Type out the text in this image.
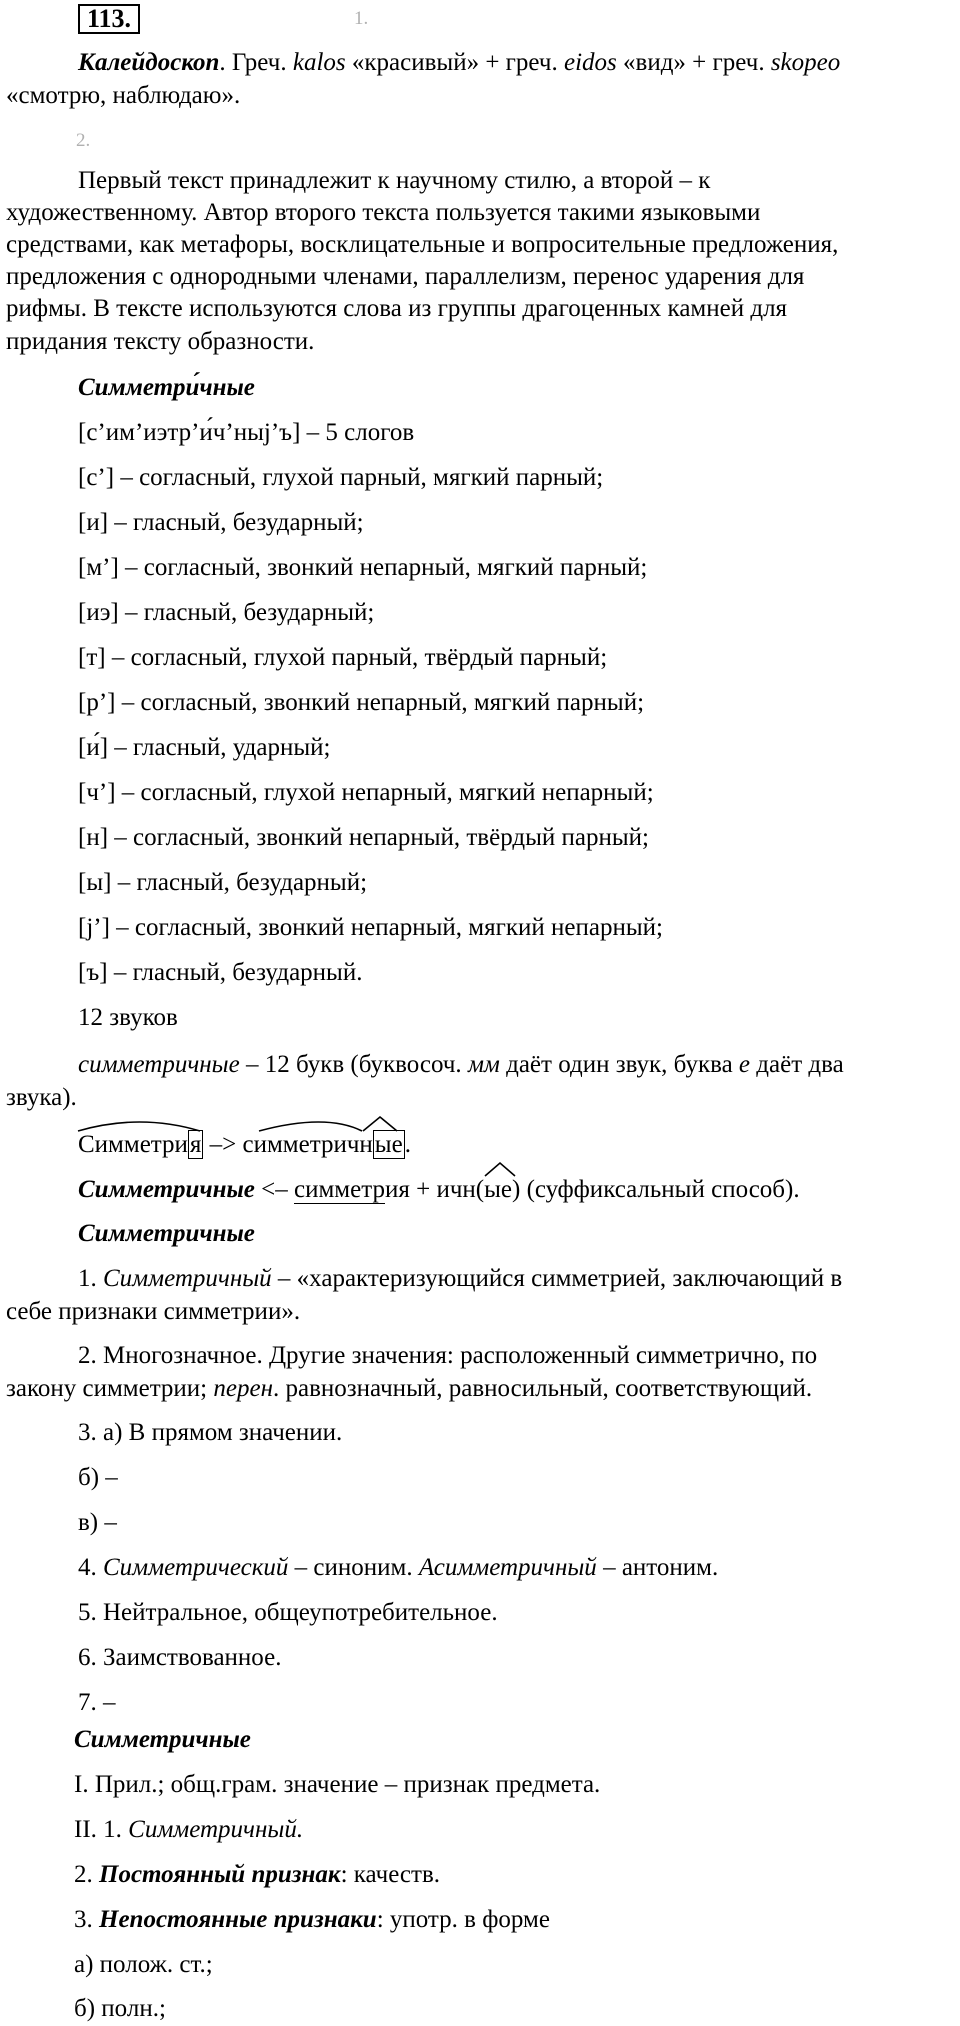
113.	1.
Калейдоскоп. Греч. kalos «красивый» + греч. eidos «вид» + греч. skopeo
«смотрю, наблюдаю».
2.
Первый текст принадлежит к научному стилю, а второй – к
художественному. Автор второго текста пользуется такими языковыми
средствами, как метафоры, восклицательные и вопросительные предложения,
предложения с однородными членами, параллелизм, перенос ударения для
рифмы. В тексте используются слова из группы драгоценных камней для
придания тексту образности.
Симметри́чные
[с’им’иэтр’и́ч’ныj’ъ] – 5 слогов
[с’] – согласный, глухой парный, мягкий парный;
[и] – гласный, безударный;
[м’] – согласный, звонкий непарный, мягкий парный;
[иэ] – гласный, безударный;
[т] – согласный, глухой парный, твёрдый парный;
[р’] – согласный, звонкий непарный, мягкий парный;
[и́] – гласный, ударный;
[ч’] – согласный, глухой непарный, мягкий непарный;
[н] – согласный, звонкий непарный, твёрдый парный;
[ы] – гласный, безударный;
[j’] – согласный, звонкий непарный, мягкий непарный;
[ъ] – гласный, безударный.
12 звуков
симметричные – 12 букв (буквосоч. мм даёт один звук, буква е даёт два
звука).
Симметрия –> симметричные.
Симметричные <– симметрия + ичн(ые) (суффиксальный способ).
Симметричные
1. Симметричный – «характеризующийся симметрией, заключающий в
себе признаки симметрии».
2. Многозначное. Другие значения: расположенный симметрично, по
закону симметрии; перен. равнозначный, равносильный, соответствующий.
3. а) В прямом значении.
б) –
в) –
4. Симметрический – синоним. Асимметричный – антоним.
5. Нейтральное, общеупотребительное.
6. Заимствованное.
7. –
Симметричные
I. Прил.; общ.грам. значение – признак предмета.
II. 1. Симметричный.
2. Постоянный признак: качеств.
3. Непостоянные признаки: употр. в форме
а) полож. ст.;
б) полн.;
